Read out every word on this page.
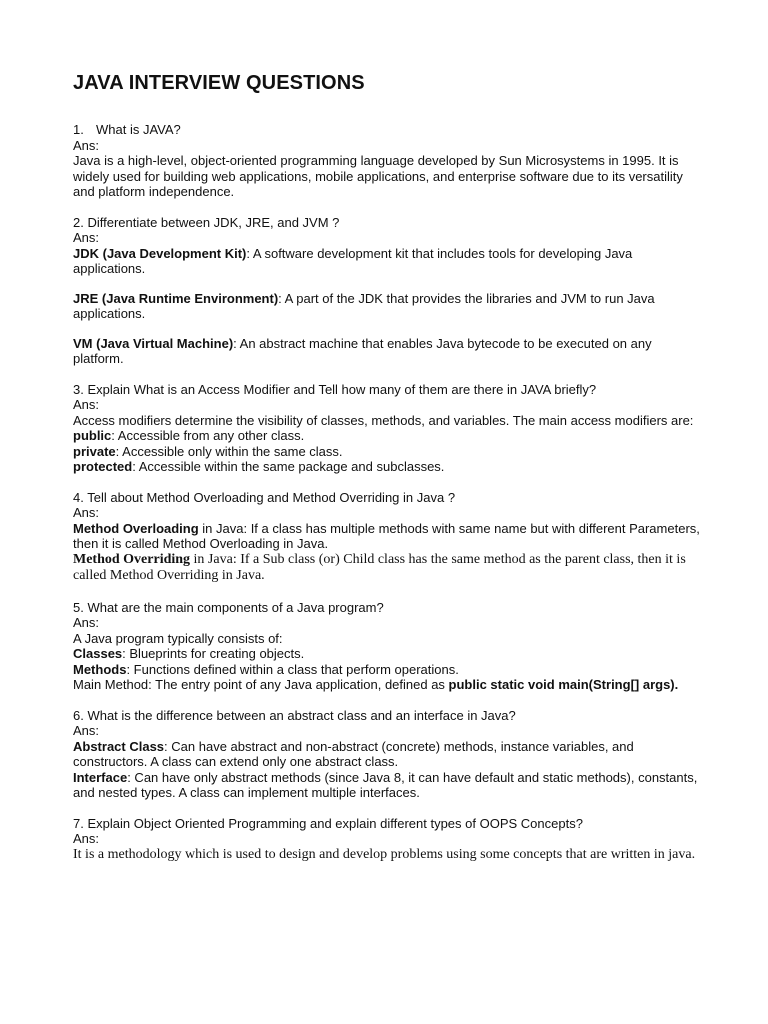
JAVA INTERVIEW QUESTIONS

1. What is JAVA?

Ans:

Java is a high-level, object-oriented programming language developed by Sun Microsystems in 1995. It is widely used for building web applications, mobile applications, and enterprise software due to its versatility and platform independence.

2. Differentiate between JDK, JRE, and JVM ?

Ans:

JDK (Java Development Kit): A software development kit that includes tools for developing Java applications.

JRE (Java Runtime Environment): A part of the JDK that provides the libraries and JVM to run Java applications.

VM (Java Virtual Machine): An abstract machine that enables Java bytecode to be executed on any platform.

3. Explain What is an Access Modifier and Tell how many of them are there in JAVA briefly?

Ans:

Access modifiers determine the visibility of classes, methods, and variables. The main access modifiers are:

public: Accessible from any other class.

private: Accessible only within the same class.

protected: Accessible within the same package and subclasses.

4. Tell about Method Overloading and Method Overriding in Java ?

Ans:

Method Overloading in Java: If a class has multiple methods with same name but with different Parameters, then it is called Method Overloading in Java.

Method Overriding in Java: If a Sub class (or) Child class has the same method as the parent class, then it is called Method Overriding in Java.

5. What are the main components of a Java program?

Ans:

A Java program typically consists of:

Classes: Blueprints for creating objects.

Methods: Functions defined within a class that perform operations.

Main Method: The entry point of any Java application, defined as public static void main(String[] args).

6. What is the difference between an abstract class and an interface in Java?

Ans:

Abstract Class: Can have abstract and non-abstract (concrete) methods, instance variables, and constructors. A class can extend only one abstract class.

Interface: Can have only abstract methods (since Java 8, it can have default and static methods), constants, and nested types. A class can implement multiple interfaces.

7. Explain Object Oriented Programming and explain different types of OOPS Concepts?

Ans:

It is a methodology which is used to design and develop problems using some concepts that are written in java.
